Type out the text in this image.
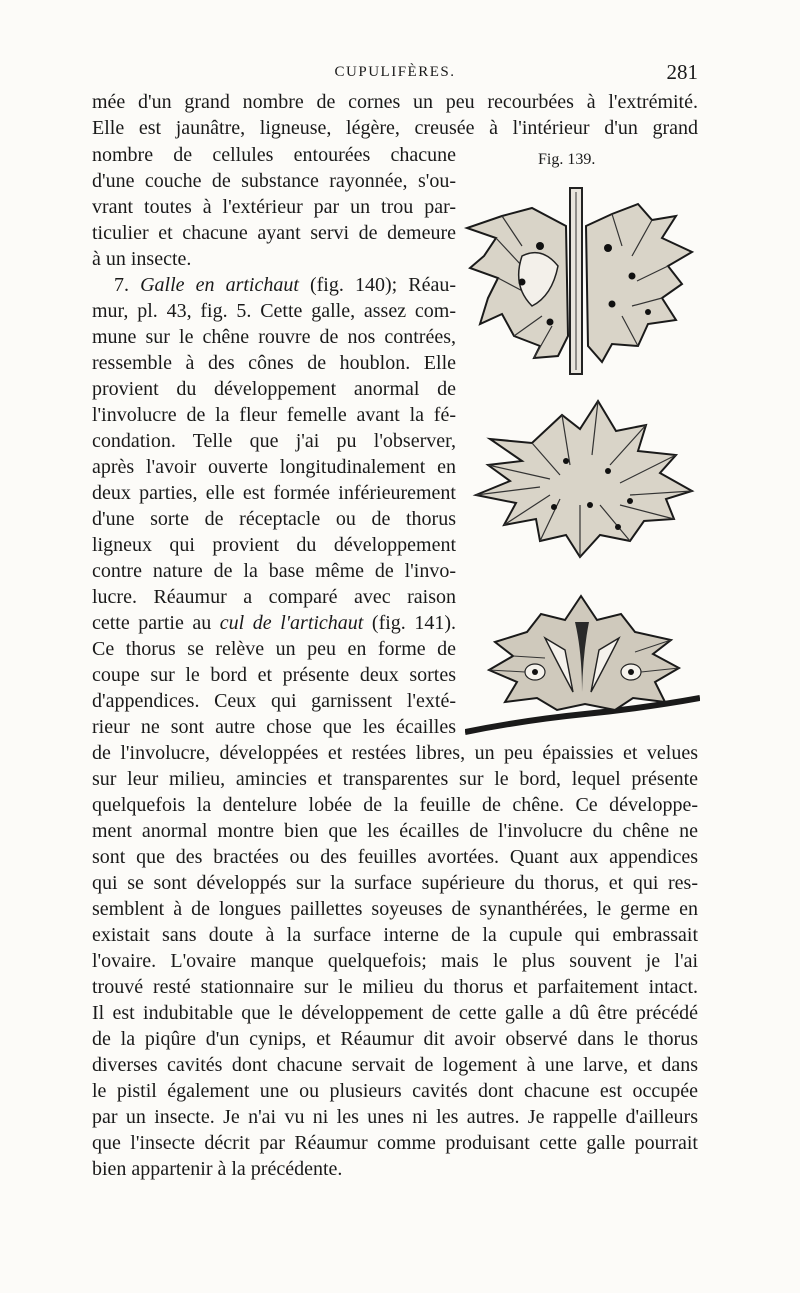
CUPULIFÈRES.	281
Fig. 139.
mée d'un grand nombre de cornes un peu recourbées à l'extrémité.
Elle est jaunâtre, ligneuse, légère, creusée à l'intérieur d'un grand
nombre de cellules entourées chacune
d'une couche de substance rayonnée, s'ou-
vrant toutes à l'extérieur par un trou par-
ticulier et chacune ayant servi de demeure
à un insecte.
7. Galle en artichaut (fig. 140); Réau-
mur, pl. 43, fig. 5. Cette galle, assez com-
mune sur le chêne rouvre de nos contrées,
ressemble à des cônes de houblon. Elle
provient du développement anormal de
l'involucre de la fleur femelle avant la fé-
condation. Telle que j'ai pu l'observer,
après l'avoir ouverte longitudinalement en
deux parties, elle est formée inférieurement
d'une sorte de réceptacle ou de thorus
ligneux qui provient du développement
contre nature de la base même de l'invo-
lucre. Réaumur a comparé avec raison
cette partie au cul de l'artichaut (fig. 141).
Ce thorus se relève un peu en forme de
coupe sur le bord et présente deux sortes
d'appendices. Ceux qui garnissent l'exté-
rieur ne sont autre chose que les écailles
de l'involucre, développées et restées libres, un peu épaissies et velues
sur leur milieu, amincies et transparentes sur le bord, lequel présente
quelquefois la dentelure lobée de la feuille de chêne. Ce développe-
ment anormal montre bien que les écailles de l'involucre du chêne ne
sont que des bractées ou des feuilles avortées. Quant aux appendices
qui se sont développés sur la surface supérieure du thorus, et qui res-
semblent à de longues paillettes soyeuses de synanthérées, le germe en
existait sans doute à la surface interne de la cupule qui embrassait
l'ovaire. L'ovaire manque quelquefois; mais le plus souvent je l'ai
trouvé resté stationnaire sur le milieu du thorus et parfaitement intact.
Il est indubitable que le développement de cette galle a dû être précédé
de la piqûre d'un cynips, et Réaumur dit avoir observé dans le thorus
diverses cavités dont chacune servait de logement à une larve, et dans
le pistil également une ou plusieurs cavités dont chacune est occupée
par un insecte. Je n'ai vu ni les unes ni les autres. Je rappelle d'ailleurs
que l'insecte décrit par Réaumur comme produisant cette galle pourrait
bien appartenir à la précédente.
